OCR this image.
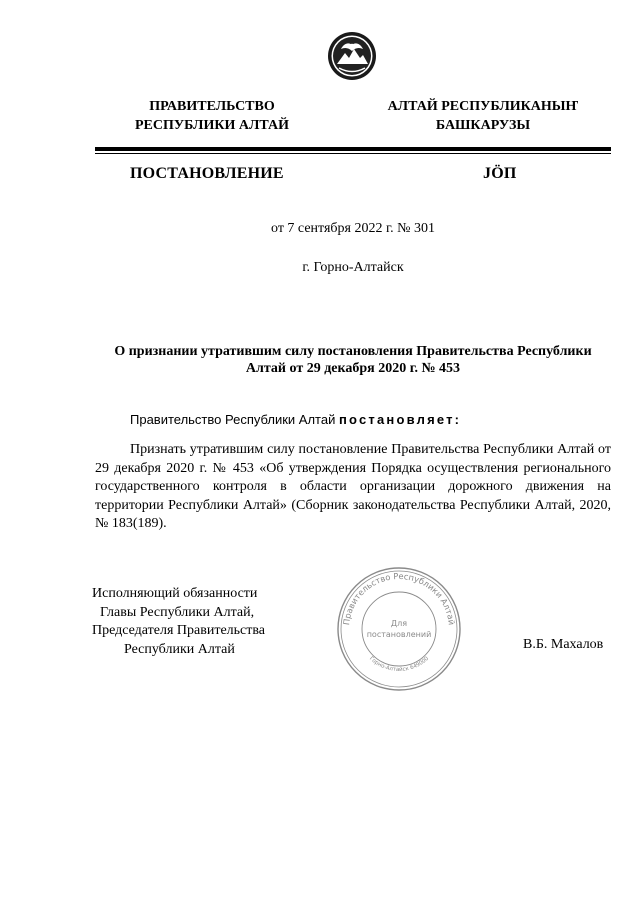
ПРАВИТЕЛЬСТВО
РЕСПУБЛИКИ АЛТАЙ
АЛТАЙ РЕСПУБЛИКАНЫҤ
БАШКАРУЗЫ
ПОСТАНОВЛЕНИЕ	JÖП
от 7 сентября 2022 г. № 301
г. Горно-Алтайск
О признании утратившим силу постановления Правительства Республики Алтай от 29 декабря 2020 г. № 453
Правительство Республики Алтай постановляет:
Признать утратившим силу постановление Правительства Республики Алтай от 29 декабря 2020 г. № 453 «Об утверждения Порядка осуществления регионального государственного контроля в области организации дорожного движения на территории Республики Алтай» (Сборник законодательства Республики Алтай, 2020, № 183(189).
Исполняющий обязанности
Главы Республики Алтай,
Председателя Правительства
Республики Алтай
Правительство Республики Алтай
Горно-Алтайск 649000
Для
постановлений
В.Б. Махалов
